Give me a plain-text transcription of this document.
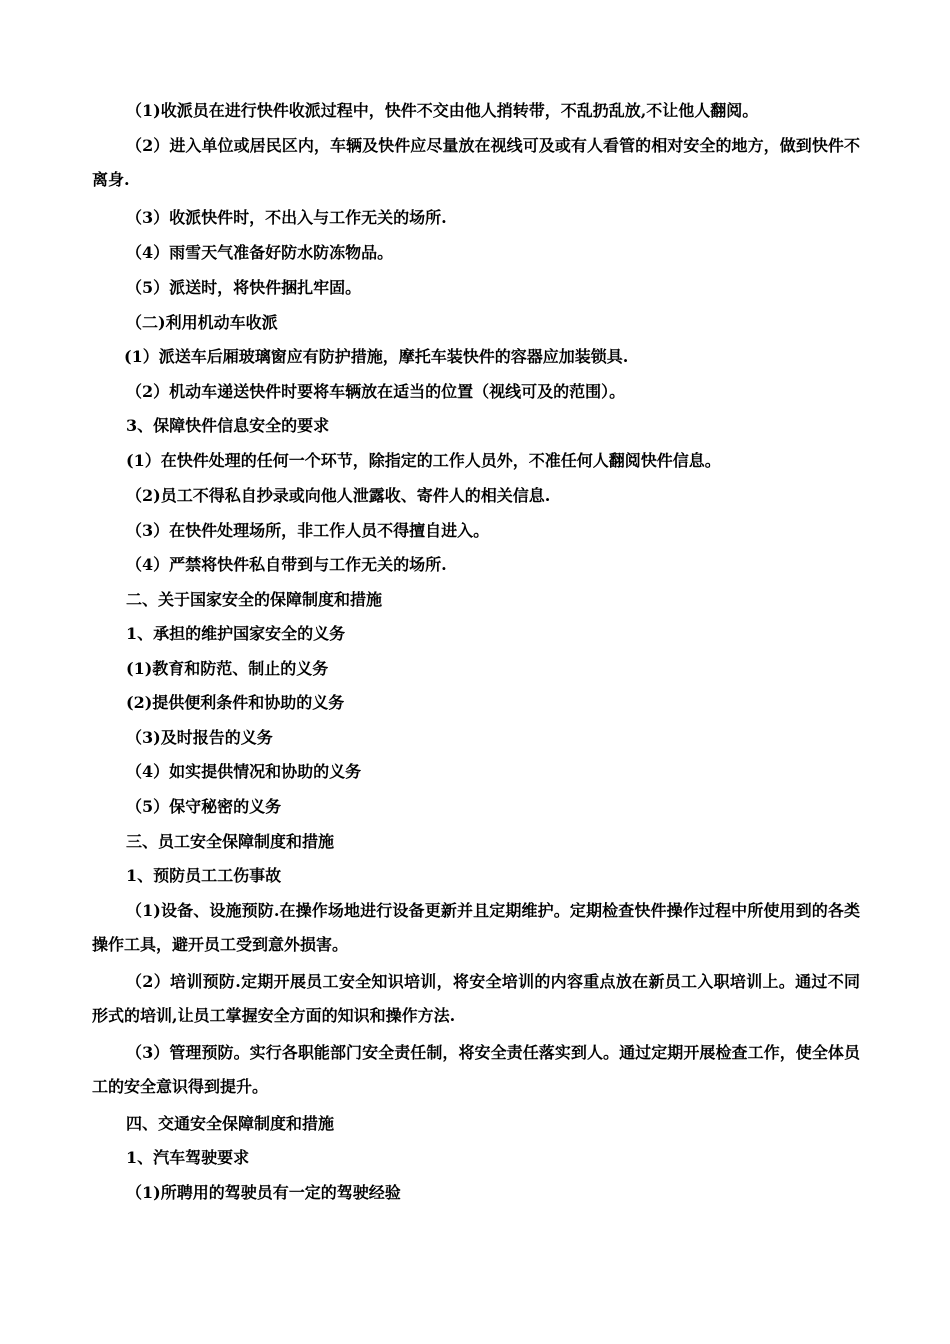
（1)收派员在进行快件收派过程中，快件不交由他人捎转带，不乱扔乱放,不让他人翻阅。

（2）进入单位或居民区内，车辆及快件应尽量放在视线可及或有人看管的相对安全的地方，做到快件不离身.

（3）收派快件时，不出入与工作无关的场所.

（4）雨雪天气准备好防水防冻物品。

（5）派送时，将快件捆扎牢固。

（二)利用机动车收派

(1）派送车后厢玻璃窗应有防护措施，摩托车装快件的容器应加装锁具.

（2）机动车递送快件时要将车辆放在适当的位置（视线可及的范围）。

3、保障快件信息安全的要求

(1）在快件处理的任何一个环节，除指定的工作人员外，不准任何人翻阅快件信息。

（2)员工不得私自抄录或向他人泄露收、寄件人的相关信息.

（3）在快件处理场所，非工作人员不得擅自进入。

（4）严禁将快件私自带到与工作无关的场所.

二、关于国家安全的保障制度和措施

1、承担的维护国家安全的义务

(1)教育和防范、制止的义务

(2)提供便利条件和协助的义务

（3)及时报告的义务

（4）如实提供情况和协助的义务

（5）保守秘密的义务

三、员工安全保障制度和措施

1、预防员工工伤事故

（1)设备、设施预防.在操作场地进行设备更新并且定期维护。定期检查快件操作过程中所使用到的各类操作工具，避开员工受到意外损害。

（2）培训预防.定期开展员工安全知识培训，将安全培训的内容重点放在新员工入职培训上。通过不同形式的培训,让员工掌握安全方面的知识和操作方法.

（3）管理预防。实行各职能部门安全责任制，将安全责任落实到人。通过定期开展检查工作，使全体员工的安全意识得到提升。

四、交通安全保障制度和措施

1、汽车驾驶要求

（1)所聘用的驾驶员有一定的驾驶经验
